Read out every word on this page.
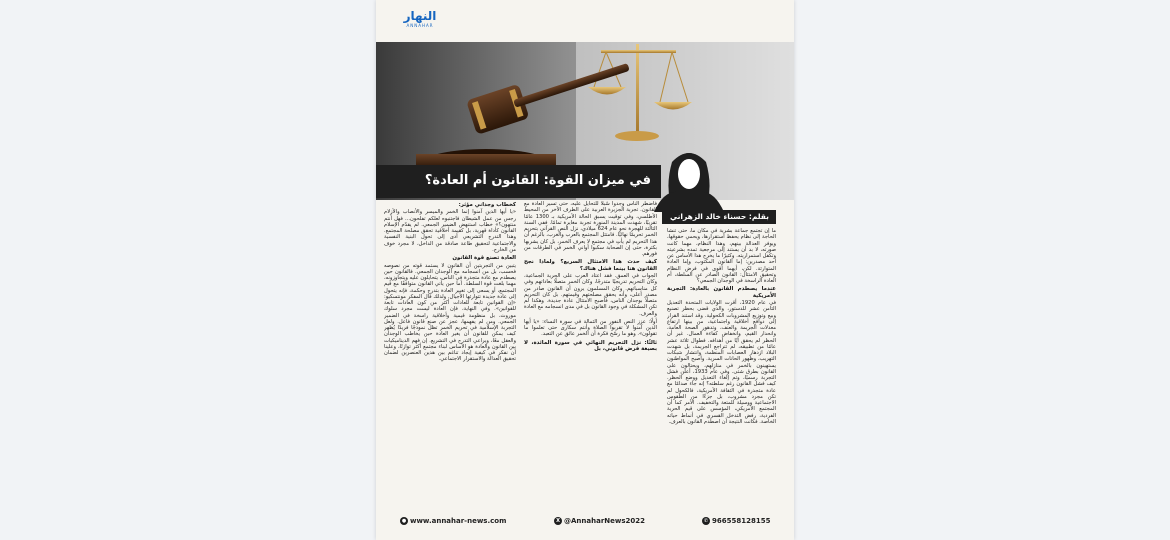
النهار
ANNAHAR
في ميزان القوة: القانون أم العادة؟
بقلم: حسناء خالد الزهراني

ما إن تجتمع جماعة بشرية في مكان ما، حتى تنشأ الحاجة إلى نظام يحفظ استقرارها، ويحمي حقوقها، ويوفر العدالة بينهم، وهذا النظام، مهما كانت صورته، لا بد أن يستند إلى مرجعية تمده بشرعيته وتكفل استمراريته. وكثيرًا ما يخرج هذا الأساس عن أحد مصدرين: إما القانون المكتوب، وإما العادة المتوارثة. لكن، أيهما أقوى في فرض النظام وتحقيق الامتثال: القانون الصادر عن السلطة، أم العادة الراسخة في الوجدان الجمعي؟

عندما يصطدم القانون بالعادة: التجربة الأمريكية

في عام 1920، أقرت الولايات المتحدة التعديل الثامن عشر للدستور، والذي قضى بحظر تصنيع وبيع وتوزيع المشروبات الكحولية. وقد استند القرار إلى دوافع أخلاقية واجتماعية، من بينها ارتفاع معدلات الجريمة والعنف، وتدهور الصحة العامة، وانحدار القيم، وانخفاض كفاءة العمال. غير أن الحظر لم يحقق أيًا من أهدافه. فطوال ثلاثة عشر عامًا من تطبيقه، لم تتراجع الجريمة، بل شهدت البلاد ازدهار العصابات المنظمة، وانتشار شبكات التهريب، وظهور الحانات السرية. وأصبح المواطنون يستهينون بالخمر في منازلهم، ويحتالون على القانون بطرق شتى. وفي عام 1933، أعلن فشل التجربة رسميًا، وتم إلغاء التعديل ووضع الحظر. كيف فشل القانون رغم سلطته؟ إنه جاء صدامًا مع عادة متجذرة في الثقافة الأمريكية، فالكحول لم تكن مجرد مشروب، بل جزءًا من الطقوس الاجتماعية ووسيلة للمتعة والتخفيف. الأمر كما أن المجتمع الأمريكي، المؤسس على قيم الحرية الفردية، رفض التدخل القسري في أنماط حياته الخاصة. فكانت النتيجة أن اصطدم القانون بالعرف.

فاضطر الناس وجدوا سُبلًا للتحايل عليه، حتى تسير العادة مع القانون. تجربة الجزيرة العربية على الطرف الآخر من المحيط الأطلسي، وفي توقيت يسبق الحالة الأمريكية بـ 1300 عامًا تقريبًا، شهدت المدينة المنورة تجربة مغايرة تمامًا. ففي السنة الثالثة للهجرة نحو عام 624 ميلادي، نزل النص القرآني بتحريم الخمر تحريمًا نهائيًا. فامتثل المجتمع بالعرب والغرب، بالرغم أن هذا التحريم لم يأتِ في مجتمع لا يعرف الخمر، بل كان يشربها بكثرة، حتى إن الصحابة سكبوا أواني الخمر في الطرقات من فورهم.

كيف حدث هذا الامتثال السريع؟ ولماذا نجح القانون هنا بينما فشل هناك؟

الجواب في العمق. فقد اعتاد العرب على الحرية الجماعية، وكان التحريم تدريجيًا متدرجًا، وكان الخمر متصلًا بعاداتهم وفي كل مناسباتهم. وكان المسلمون يرون أن القانون صادر من مصدر أعلى، وأنه يحقق مصلحتهم وقيمتهم. بل كان التحريم متصلًا بوجدان الناس، فأصبح الامتثال عادة جديدة. وهكذا لم تكن المشكلة في وجود القانون بل في مدى انسجامه مع العادة والعرف.

أولًا: عزز النص النفور من الثمالة في سورة النساء: «يا أيها الذين آمنوا لا تقربوا الصلاة وأنتم سكارى حتى تعلموا ما تقولون». وهو ما رسّخ فكرة أن الخمر عائق عن التعبد.

ثالثًا: نزل التحريم النهائي في سورة المائدة، لا بصيغة فرض قانوني، بل
كخطاب وجداني مؤثر:

«يا أيها الذين آمنوا إنما الخمر والميسر والأنصاب والأزلام رجس من عمل الشيطان فاجتنبوه لعلكم تفلحون... فهل أنتم منتهون؟» خطاب استنهض الضمير الجمعي. لم يقدّم الإسلام القانون كأداة قهرية، بل كقيمة أخلاقية تحقق مصلحة المجتمع. وهذا التدرج التشريعي أدى إلى تحول البنية النفسية والاجتماعية لتحقيق طاعة صادقة من الداخل، لا مجرد خوف من الخارج.

العادة تصنع قوة القانون

يتبين من التجربتين أن القانون لا يستمد قوته من نصوصه فحسب، بل من انسجامه مع الوجدان الجمعي. فالقانون حين يصطدم مع عادة متجذرة في الناس، يتحايلون عليه ويتجاوزونه، مهما بلغت قوة السلطة. أما حين يأتي القانون متوافقًا مع قيم المجتمع، أو يسعى إلى تغيير العادة بتدرج وحكمة، فإنه يتحول إلى عادة جديدة تتوارثها الأجيال. ولذلك قال المفكر مونتسكيو: «إن القوانين تابعة للعادات أكثر من كون العادات تابعة للقوانين». وفي النهاية، فإن العادة ليست مجرد سلوك موروث، بل منظومة قيمية وأخلاقية راسخة في الضمير الجمعي. ومن لم يفهمها، عجز عن صنع قانون فاعل. ولعل التجربة الإسلامية في تحريم الخمر تظل نموذجًا فريدًا يُظهر كيف يمكن للقانون أن يغير العادة حين يخاطب الوجدان والعقل معًا، ويراعي التدرج في التشريع. إن فهم الديناميكيات بين القانون والعادة هو الأساس لبناء مجتمع أكثر توازنًا، وعلينا أن نفكر في كيفية إيجاد تناغم بين هذين العنصرين لضمان تحقيق العدالة والاستقرار الاجتماعي.

● www.annahar-news.com	X @AnnaharNews2022	✆ 966558128155
